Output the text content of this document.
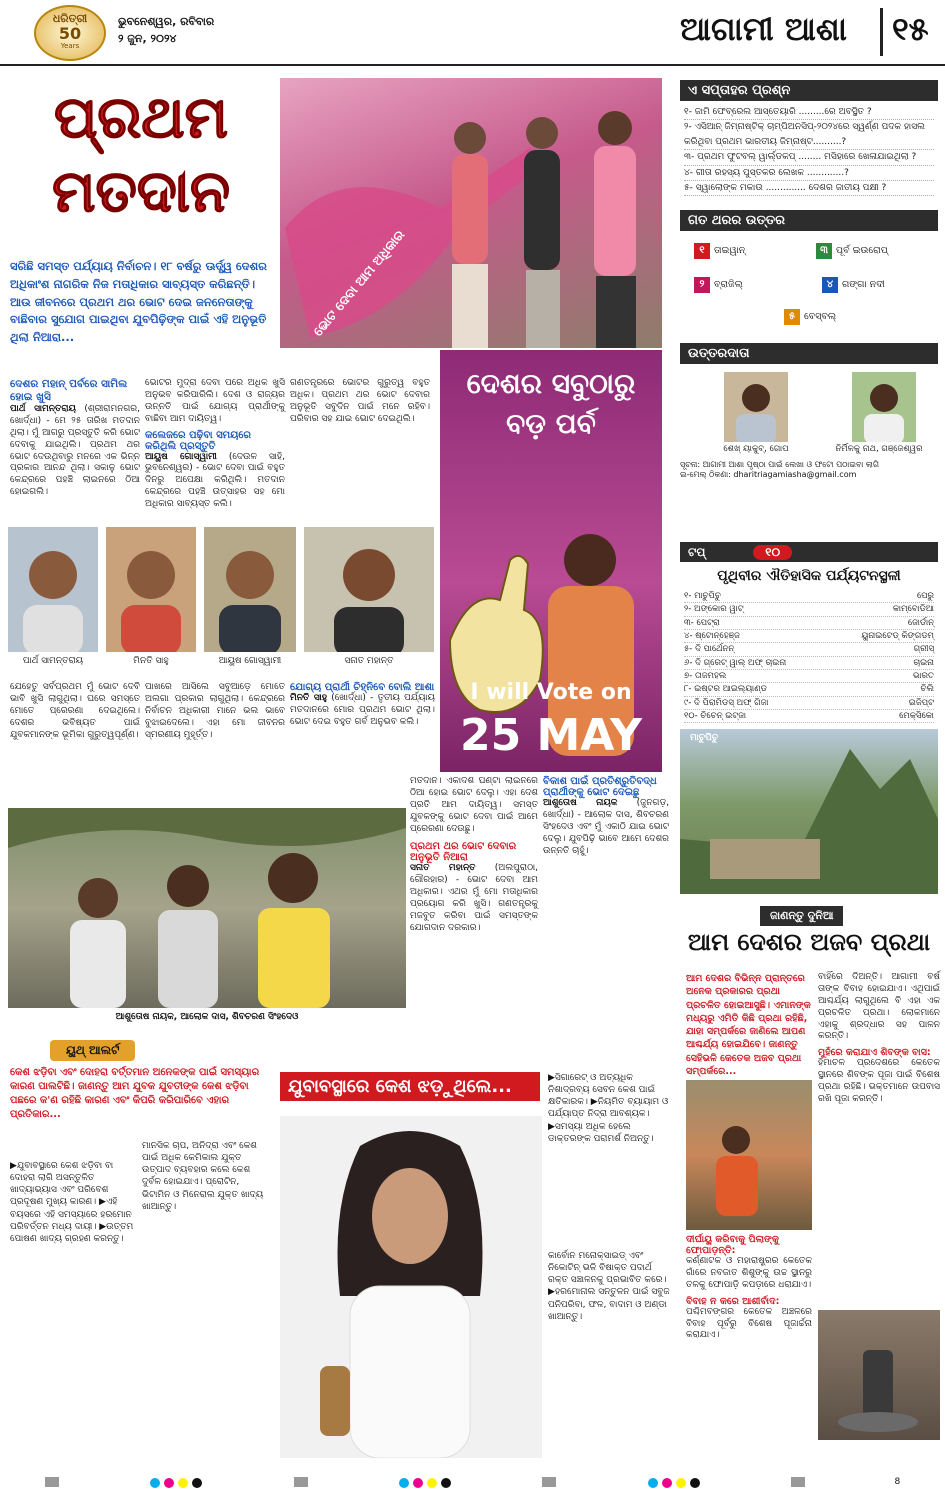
ଧରିତ୍ରୀ
50
Years
ଭୁବନେଶ୍ୱର, ରବିବାର
୨ ଜୁନ, ୨୦୨୪	ଆଗାମୀ ଆଶା ୧୫
ପ୍ରଥମ
ମତଦାନ
ସରିଛି ସମସ୍ତ ପର୍ଯ୍ୟାୟ ନିର୍ବାଚନ। ୧୮ ବର୍ଷରୁ ଊର୍ଦ୍ଧ୍ୱ ଦେଶର ଅଧିକାଂଶ ନାଗରିକ ନିଜ ମତାଧିକାର ସାବ୍ୟସ୍ତ କରିଛନ୍ତି। ଆଉ ଜୀବନରେ ପ୍ରଥମ ଥର ଭୋଟ ଦେଇ ଜନନେତାଙ୍କୁ ବାଛିବାର ସୁଯୋଗ ପାଇଥିବା ଯୁବପିଢ଼ିଙ୍କ ପାଇଁ ଏହି ଅନୁଭୂତି ଥିଲା ନିଆରା...	ଭୋଟ ଦେବା ଆମ ଅଧିକାର
ଦେଶର ସବୁଠାରୁ ବଡ଼ ପର୍ବ
I will Vote on
25 MAY
ଦେଶର ମହାନ୍ ପର୍ବରେ ସାମିଲ ହୋଇ ଖୁସି
ପାର୍ଥ ସାମନ୍ତରାୟ (ଶ୍ରୀରାମନଗର, ଖୋର୍ଦ୍ଧା) - ମେ ୨୫ ତାରିଖ ମତଦାନ ଥିଲା। ମୁଁ ଆଗରୁ ପ୍ରସ୍ତୁତି କରି ଭୋଟ ଦେବାକୁ ଯାଇଥିଲି। ପ୍ରଥମ ଥର ଭୋଟ ଦେଉଥିବାରୁ ମନରେ ଏକ ଭିନ୍ନ ପ୍ରକାର ଆନନ୍ଦ ଥିଲା। ସକାଳୁ ଭୋଟ କେନ୍ଦ୍ରରେ ପହଞ୍ଚି ଲାଇନରେ ଠିଆ ହୋଇଗଲି।
ଭୋଟର ମୁଦ୍ରା ଦେବା ପରେ ଅଧିକ ଖୁସି ଅନୁଭବ କରିପାରିଲି। ଦେଶ ଓ ରାଜ୍ୟର ଉନ୍ନତି ପାଇଁ ଯୋଗ୍ୟ ପ୍ରାର୍ଥୀଙ୍କୁ ବାଛିବା ଆମ ଦାୟିତ୍ୱ।
କଲେଜରେ ପଢ଼ିବା ସମୟରେ କରିଥିଲି ପ୍ରସ୍ତୁତି
ଆୟୁଷ ଗୋସ୍ୱାମୀ (ଦେଉଳ ସାହି, ଭୁବନେଶ୍ୱର) - ଭୋଟ ଦେବା ପାଇଁ ବହୁତ ଦିନରୁ ଅପେକ୍ଷା କରିଥିଲି। ମତଦାନ କେନ୍ଦ୍ରରେ ପହଞ୍ଚି ଉତ୍ସାହର ସହ ମୋ ଅଧିକାର ସାବ୍ୟସ୍ତ କଲି।
ଗଣତନ୍ତ୍ରରେ ଭୋଟର ଗୁରୁତ୍ୱ ବହୁତ ଅଧିକ। ପ୍ରଥମ ଥର ଭୋଟ ଦେବାର ଅନୁଭୂତି ସବୁଦିନ ପାଇଁ ମନେ ରହିବ। ପରିବାର ସହ ଯାଇ ଭୋଟ ଦେଇଥିଲି।
ପାର୍ଥ ସାମନ୍ତରାୟ	ମିନତି ସାହୁ	ଆୟୁଷ ଗୋସ୍ୱାମୀ	ସନାତ ମହାନ୍ତ
ଯେହେତୁ ସର୍ବପ୍ରଥମ ମୁଁ ଭୋଟ ଦେବି ଭାବି ଖୁସି ଲାଗୁଥିଲା। ଘରେ ସମସ୍ତେ ମୋତେ ପ୍ରେରଣା ଦେଇଥିଲେ। ଦେଶର ଭବିଷ୍ୟତ ପାଇଁ ଯୁବକମାନଙ୍କ ଭୂମିକା ଗୁରୁତ୍ୱପୂର୍ଣ୍ଣ।
ପାଖରେ ଆସିଲେ ସବୁଆଡ଼େ ମୋତେ ଅଲଗା ପ୍ରକାର ଲାଗୁଥିଲା। କେନ୍ଦ୍ରରେ ନିର୍ବାଚନ ଅଧିକାରୀ ମାନେ ଭଲ ଭାବେ ବୁଝାଇଦେଲେ। ଏହା ମୋ ଜୀବନର ସ୍ମରଣୀୟ ମୁହୂର୍ତ୍ତ।
ଯୋଗ୍ୟ ପ୍ରାର୍ଥୀ ଚିହ୍ନିବେ ବୋଲି ଆଶା
ମିନତି ସାହୁ (ଖୋର୍ଦ୍ଧା) - ତୃତୀୟ ପର୍ଯ୍ୟାୟ ମତଦାନରେ ମୋର ପ୍ରଥମ ଭୋଟ ଥିଲା। ଭୋଟ ଦେଇ ବହୁତ ଗର୍ବ ଅନୁଭବ କଲି।
ଆଶୁତୋଷ ନାୟକ, ଆଲୋକ ଦାସ, ଶିବଚରଣ ସିଂହଦେଓ
ମତଦାନ। ଏକାଦଶ ଘଣ୍ଟା ଲାଇନରେ ଠିଆ ହୋଇ ଭୋଟ ଦେଲୁ। ଏହା ଦେଶ ପ୍ରତି ଆମ ଦାୟିତ୍ୱ। ସମସ୍ତ ଯୁବକଙ୍କୁ ଭୋଟ ଦେବା ପାଇଁ ଆମେ ପ୍ରେରଣା ଦେଉଛୁ।
ପ୍ରଥମ ଥର ଭୋଟ ଦେବାର ଅନୁଭୂତି ନିଆରା
ସନାତ ମହାନ୍ତ (ଅଲପୁରାଠା, ଗୌରହାର) - ଭୋଟ ଦେବା ଆମ ଅଧିକାର। ଏଥର ମୁଁ ମୋ ମତାଧିକାର ପ୍ରୟୋଗ କରି ଖୁସି। ଗଣତନ୍ତ୍ରକୁ ମଜବୁତ କରିବା ପାଇଁ ସମସ୍ତଙ୍କ ଯୋଗଦାନ ଦରକାର।
ବିକାଶ ପାଇଁ ପ୍ରତିଶ୍ରୁତିବଦ୍ଧ ପ୍ରାର୍ଥୀଙ୍କୁ ଭୋଟ ଦେଇଛୁ
ଆଶୁତୋଷ ନାୟକ (ଜୁନଗଡ଼, ଖୋର୍ଦ୍ଧା) - ଆଲୋକ ଦାସ, ଶିବଚରଣ ସିଂହଦେଓ ଏବଂ ମୁଁ ଏକାଠି ଯାଇ ଭୋଟ ଦେଲୁ। ଯୁବପିଢ଼ି ଭାବେ ଆମେ ଦେଶର ଉନ୍ନତି ଚାହୁଁ।
ଏ ସପ୍ତାହର ପ୍ରଶ୍ନ
୧- ଜାମି ଫେବ୍ରେଲ ଆସ୍ତେୟାରି .........ରେ ଅବସ୍ଥିତ ?
୨- ଏସିଆନ୍ ଜିମ୍ନାଷ୍ଟିକ୍ ଚାମ୍ପିଅନସିପ୍-୨୦୨୪ରେ ସ୍ୱର୍ଣ୍ଣ ପଦକ ହାସଲ କରିଥିବା ପ୍ରଥମ ଭାରତୀୟ ଜିମ୍ନାଷ୍ଟ..........?
୩- ପ୍ରଥମ ଫୁଟବଲ୍ ୱାର୍ଲ୍ଡକପ୍ ........ ମସିହାରେ ଖେଳାଯାଇଥିଲା ?
୪- ଗୀତା ରହସ୍ୟ ପୁସ୍ତକର ଲେଖକ .............?
୫- ସ୍ୱାଲୋଙ୍କ ମକାଉ .............. ଦେଶର ଜାତୀୟ ପକ୍ଷୀ ?
ଗତ ଥରର ଉତ୍ତର
୧ ତାଇୱାନ୍	୩ ପୂର୍ବ ଇଉରୋପ୍
୨ ବ୍ରାଜିଲ୍	୪ ଗଙ୍ଗା ନଦୀ
୫ ବେସ୍‌ବଲ୍
ଉତ୍ତରଦାତା
ଶେଖ୍ ୟାକୁବ୍, ଗୋପ	ନିର୍ମିଳକୁ ନାଥ, ଗଞ୍ଜେଶ୍ୱର
ସୂଚନା: ଆଗାମୀ ଆଶା ପୃଷ୍ଠା ପାଇଁ ଲେଖା ଓ ଫଟୋ ପଠାଇବା ଲାଗି
ଇ-ମେଲ୍ ଠିକଣା: dharitriagamiasha@gmail.com
ଟପ୍	୧୦
ପୃଥିବୀର ଐତିହାସିକ ପର୍ଯ୍ୟଟନସ୍ଥଳୀ
୧- ମାଚୁପିଚୁ	ପେରୁ
୨- ଅଙ୍କୋର ୱାଟ୍	କାମ୍ବୋଡିଆ
୩- ପେଟ୍ରା	ଜୋର୍ଡାନ୍
୪- ଷ୍ଟୋନ୍‌ହେଞ୍ଜ	ୟୁନାଇଟେଡ୍ କିଙ୍ଗଡମ୍
୫- ଦି ପାର୍ଥେନନ୍	ଗ୍ରୀସ୍
୬- ଦି ଗ୍ରେଟ୍ ୱାଲ୍ ଅଫ୍ ଚାଇନା	ଚାଇନା
୭- ତାଜମହଲ	ଭାରତ
୮- ଇଷ୍ଟର ଆଇଲ୍ୟାଣ୍ଡ	ଚିଲି
୯- ଦି ପିରାମିଡସ୍ ଅଫ୍ ଗିଜା	ଇଜିପ୍ଟ
୧୦- ଚିଚେନ୍ ଇଟ୍ଜା	ମେକ୍ସିକୋ
ମାଚୁପିଚୁ
ଜାଣନ୍ତୁ ଦୁନିଆ
ଆମ ଦେଶର ଅଜବ ପ୍ରଥା
ଆମ ଦେଶର ବିଭିନ୍ନ ପ୍ରାନ୍ତରେ ଅନେକ ପ୍ରକାରର ପ୍ରଥା ପ୍ରଚଳିତ ହୋଇଆସୁଛି। ଏମାନଙ୍କ ମଧ୍ୟରୁ ଏମିତି କିଛି ପ୍ରଥା ରହିଛି, ଯାହା ସମ୍ପର୍କରେ ଜାଣିଲେ ଆପଣ ଆଶ୍ଚର୍ଯ୍ୟ ହୋଇଯିବେ। ଜାଣନ୍ତୁ ସେହିଭଳି କେତେକ ଅଜବ ପ୍ରଥା ସମ୍ପର୍କରେ...
ଦୀର୍ଘାୟୁ କରିବାକୁ ପିଲାଙ୍କୁ ଫୋପାଡ଼ନ୍ତି:
କର୍ଣ୍ଣାଟକ ଓ ମହାରାଷ୍ଟ୍ରର କେତେକ ଗାଁରେ ନବଜାତ ଶିଶୁଙ୍କୁ ଉଚ୍ଚ ସ୍ଥାନରୁ ତଳକୁ ଫୋପାଡ଼ି କପଡ଼ାରେ ଧରାଯାଏ।
ବିବାହ ନ କରେ ଆଶୀର୍ବାଦ:
ପଶ୍ଚିମବଙ୍ଗର କେତେକ ଅଞ୍ଚଳରେ ବିବାହ ପୂର୍ବରୁ ବିଶେଷ ପୂଜାର୍ଚ୍ଚନା କରାଯାଏ।
ବାହିଁରେ ଦିଅନ୍ତି। ଆଗାମୀ ବର୍ଷ ତାଙ୍କ ବିବାହ ହୋଇଯାଏ। ଏଥିପାଇଁ ଆଶ୍ଚର୍ଯ୍ୟ ଲାଗୁଥିଲେ ବି ଏହା ଏକ ପ୍ରଚଳିତ ପ୍ରଥା। ଲୋକମାନେ ଏହାକୁ ଶ୍ରଦ୍ଧାର ସହ ପାଳନ କରନ୍ତି।
ମୁହଁରେ କରାଯାଏ ଶିବଙ୍କ ବାସ:
ହିମାଚଳ ପ୍ରଦେଶରେ କେତେକ ସ୍ଥାନରେ ଶିବଙ୍କ ପୂଜା ପାଇଁ ବିଶେଷ ପ୍ରଥା ରହିଛି। ଭକ୍ତମାନେ ଉପବାସ ରଖି ପୂଜା କରନ୍ତି।
ୟୁଥ୍ ଆଲର୍ଟ
କେଶ ଝଡ଼ିବା ଏବଂ ଦୋହରା ବର୍ତ୍ତମାନ ଅନେକଙ୍କ ପାଇଁ ସମସ୍ୟାର କାରଣ ପାଲଟିଛି। ଜାଣନ୍ତୁ ଆମ ଯୁବକ ଯୁବତୀଙ୍କ କେଶ ଝଡ଼ିବା ପଛରେ କ'ଣ ରହିଛି କାରଣ ଏବଂ କିପରି କରିପାରିବେ ଏହାର ପ୍ରତିକାର...
ଯୁବାବସ୍ଥାରେ କେଶ ଝଡ଼ୁଥିଲେ...
▶ଯୁବାବସ୍ଥାରେ କେଶ ଝଡ଼ିବା ବା ଦୋହରା ଲାଗି ଅସନ୍ତୁଳିତ ଖାଦ୍ୟାଭ୍ୟାସ ଏବଂ ପରିବେଶ ପ୍ରଦୂଷଣ ମୁଖ୍ୟ କାରଣ। ▶ଏହି ବୟସରେ ଏହି ସମସ୍ୟାରେ ହରମୋନ ପରିବର୍ତ୍ତନ ମଧ୍ୟ ଦାୟୀ। ▶ଉତ୍ତମ ପୋଷଣ ଖାଦ୍ୟ ଗ୍ରହଣ କରନ୍ତୁ।
ମାନସିକ ଚାପ, ଅନିଦ୍ରା ଏବଂ କେଶ ପାଇଁ ଅଧିକ କେମିକାଲ ଯୁକ୍ତ ଉତ୍ପାଦ ବ୍ୟବହାର କଲେ କେଶ ଦୁର୍ବଳ ହୋଇଯାଏ। ପ୍ରୋଟିନ, ଭିଟାମିନ ଓ ମିନେରାଲ ଯୁକ୍ତ ଖାଦ୍ୟ ଖାଆନ୍ତୁ।
▶ସିଗାରେଟ୍ ଓ ଅତ୍ୟଧିକ ନିଶାଦ୍ରବ୍ୟ ସେବନ କେଶ ପାଇଁ କ୍ଷତିକାରକ। ▶ନିୟମିତ ବ୍ୟାୟାମ ଓ ପର୍ଯ୍ୟାପ୍ତ ନିଦ୍ରା ଆବଶ୍ୟକ। ▶ସମସ୍ୟା ଅଧିକ ହେଲେ ଡାକ୍ତରଙ୍କ ପରାମର୍ଶ ନିଅନ୍ତୁ।
କାର୍ବୋନ ମନୋକ୍ସାଇଡ୍ ଏବଂ ନିକୋଟିନ୍ ଭଳି ବିଷାକ୍ତ ପଦାର୍ଥ ରକ୍ତ ସଞ୍ଚାଳନକୁ ପ୍ରଭାବିତ କରେ। ▶ହରମୋନାଲ ସନ୍ତୁଳନ ପାଇଁ ସବୁଜ ପନିପରିବା, ଫଳ, ବାଦାମ ଓ ଅଣ୍ଡା ଖାଆନ୍ତୁ।
8
